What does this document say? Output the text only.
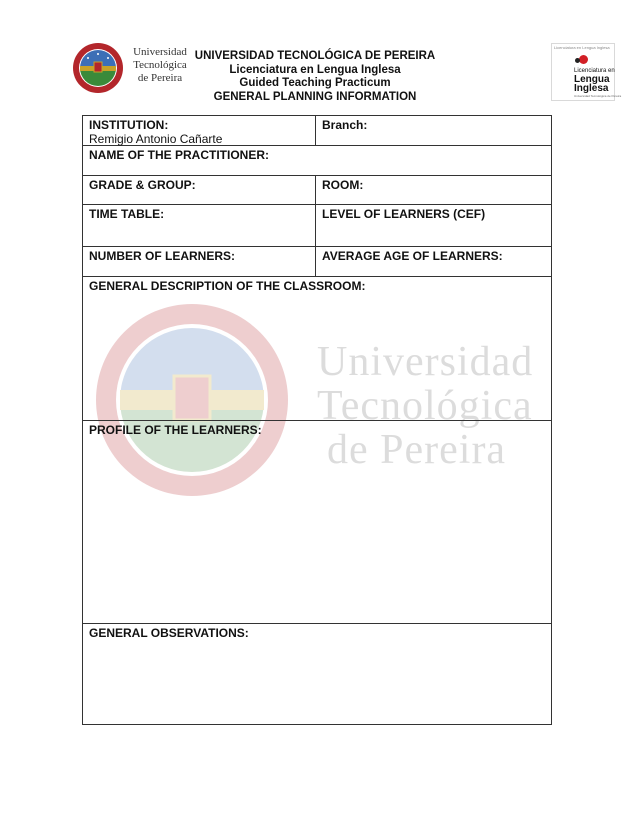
Universidad
Tecnológica
de Pereira
UNIVERSIDAD TECNOLÓGICA DE PEREIRA
Licenciatura en Lengua Inglesa
Guided Teaching Practicum
GENERAL PLANNING INFORMATION
Licenciatura en Lengua Inglesa
Licenciatura en
Lengua
Inglesa
Universidad Tecnológica de Pereira
Universidad
Tecnológica
de Pereira
INSTITUTION:
Remigio Antonio Cañarte
Branch:
NAME OF THE PRACTITIONER:
GRADE & GROUP:	ROOM:
TIME TABLE:	LEVEL OF LEARNERS (CEF)
NUMBER OF LEARNERS:	AVERAGE AGE OF LEARNERS:
GENERAL DESCRIPTION OF THE CLASSROOM:
PROFILE OF THE LEARNERS:
GENERAL OBSERVATIONS:
